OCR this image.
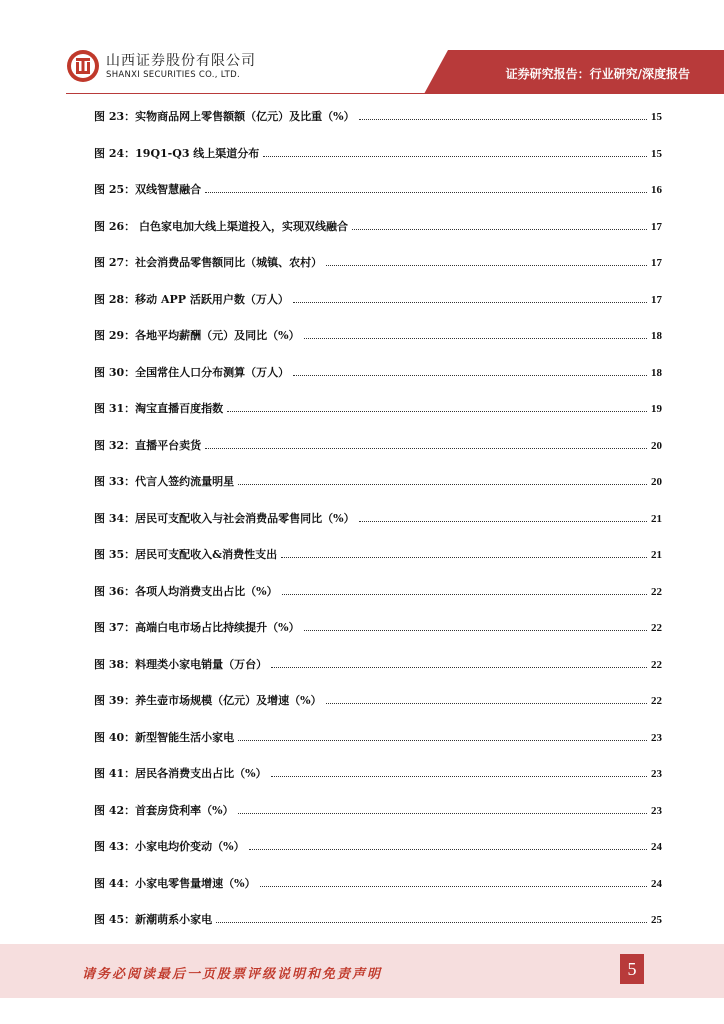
山西证券股份有限公司
SHANXI SECURITIES CO., LTD.	证券研究报告：行业研究/深度报告
图 23：实物商品网上零售额额（亿元）及比重（%）	15
图 24：19Q1-Q3 线上渠道分布	15
图 25：双线智慧融合	16
图 26： 白色家电加大线上渠道投入，实现双线融合	17
图 27：社会消费品零售额同比（城镇、农村）	17
图 28：移动 APP 活跃用户数（万人）	17
图 29：各地平均薪酬（元）及同比（%）	18
图 30：全国常住人口分布测算（万人）	18
图 31：淘宝直播百度指数	19
图 32：直播平台卖货	20
图 33：代言人签约流量明星	20
图 34：居民可支配收入与社会消费品零售同比（%）	21
图 35：居民可支配收入&消费性支出	21
图 36：各项人均消费支出占比（%）	22
图 37：高端白电市场占比持续提升（%）	22
图 38：料理类小家电销量（万台）	22
图 39：养生壶市场规模（亿元）及增速（%）	22
图 40：新型智能生活小家电	23
图 41：居民各消费支出占比（%）	23
图 42：首套房贷利率（%）	23
图 43：小家电均价变动（%）	24
图 44：小家电零售量增速（%）	24
图 45：新潮萌系小家电	25
请务必阅读最后一页股票评级说明和免责声明	5
